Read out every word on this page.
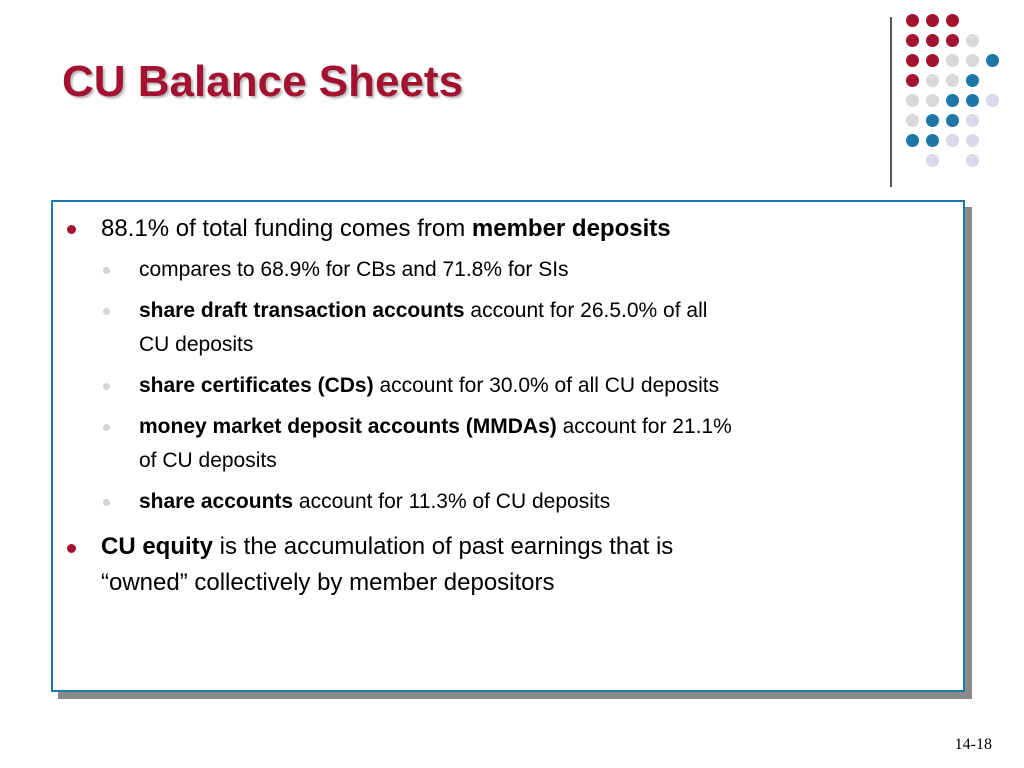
CU Balance Sheets
88.1% of total funding comes from member deposits
compares to 68.9% for CBs and 71.8% for SIs
share draft transaction accounts account for 26.5.0% of all
CU deposits
share certificates (CDs) account for 30.0% of all CU deposits
money market deposit accounts (MMDAs) account for 21.1%
of CU deposits
share accounts account for 11.3% of CU deposits
CU equity is the accumulation of past earnings that is
“owned” collectively by member depositors
14-18
